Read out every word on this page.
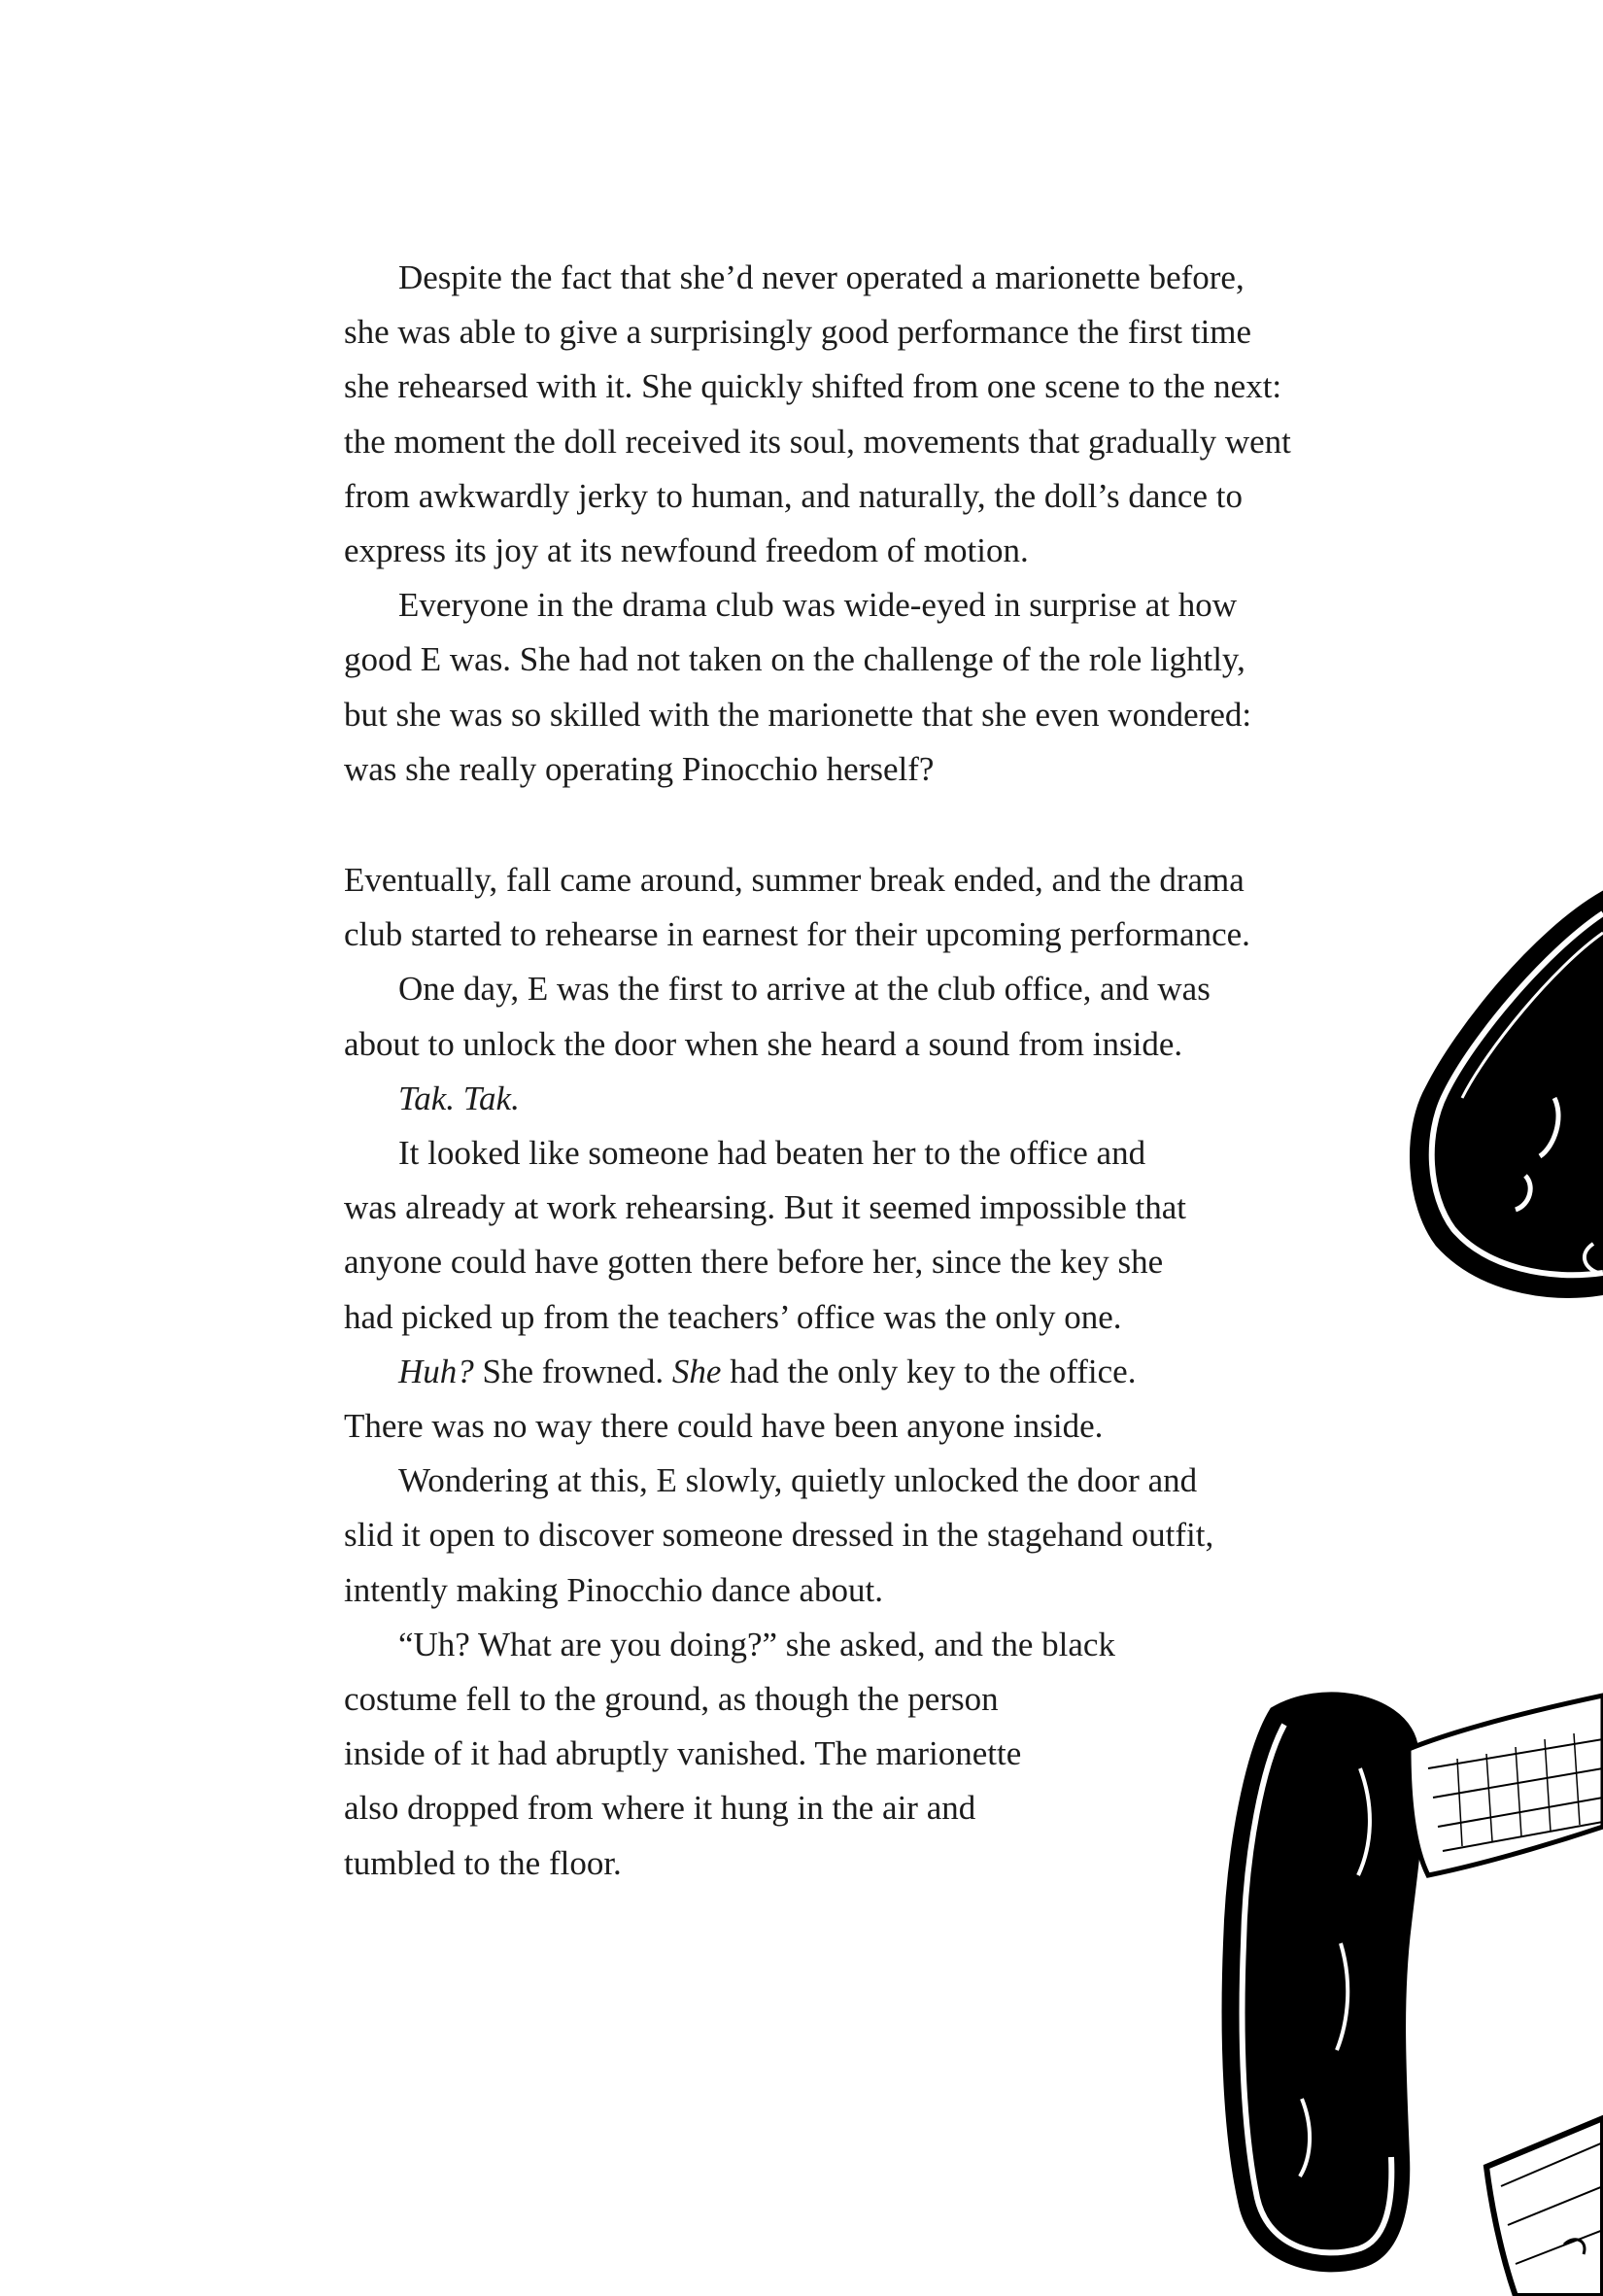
Despite the fact that she’d never operated a marionette before,
she was able to give a surprisingly good performance the first time
she rehearsed with it. She quickly shifted from one scene to the next:
the moment the doll received its soul, movements that gradually went
from awkwardly jerky to human, and naturally, the doll’s dance to
express its joy at its newfound freedom of motion.

Everyone in the drama club was wide-eyed in surprise at how
good E was. She had not taken on the challenge of the role lightly,
but she was so skilled with the marionette that she even wondered:
was she really operating Pinocchio herself?

Eventually, fall came around, summer break ended, and the drama
club started to rehearse in earnest for their upcoming performance.

One day, E was the first to arrive at the club office, and was
about to unlock the door when she heard a sound from inside.

Tak. Tak.

It looked like someone had beaten her to the office and
was already at work rehearsing. But it seemed impossible that
anyone could have gotten there before her, since the key she
had picked up from the teachers’ office was the only one.

Huh? She frowned. She had the only key to the office.
There was no way there could have been anyone inside.

Wondering at this, E slowly, quietly unlocked the door and
slid it open to discover someone dressed in the stagehand outfit,
intently making Pinocchio dance about.

“Uh? What are you doing?” she asked, and the black
costume fell to the ground, as though the person
inside of it had abruptly vanished. The marionette
also dropped from where it hung in the air and
tumbled to the floor.
